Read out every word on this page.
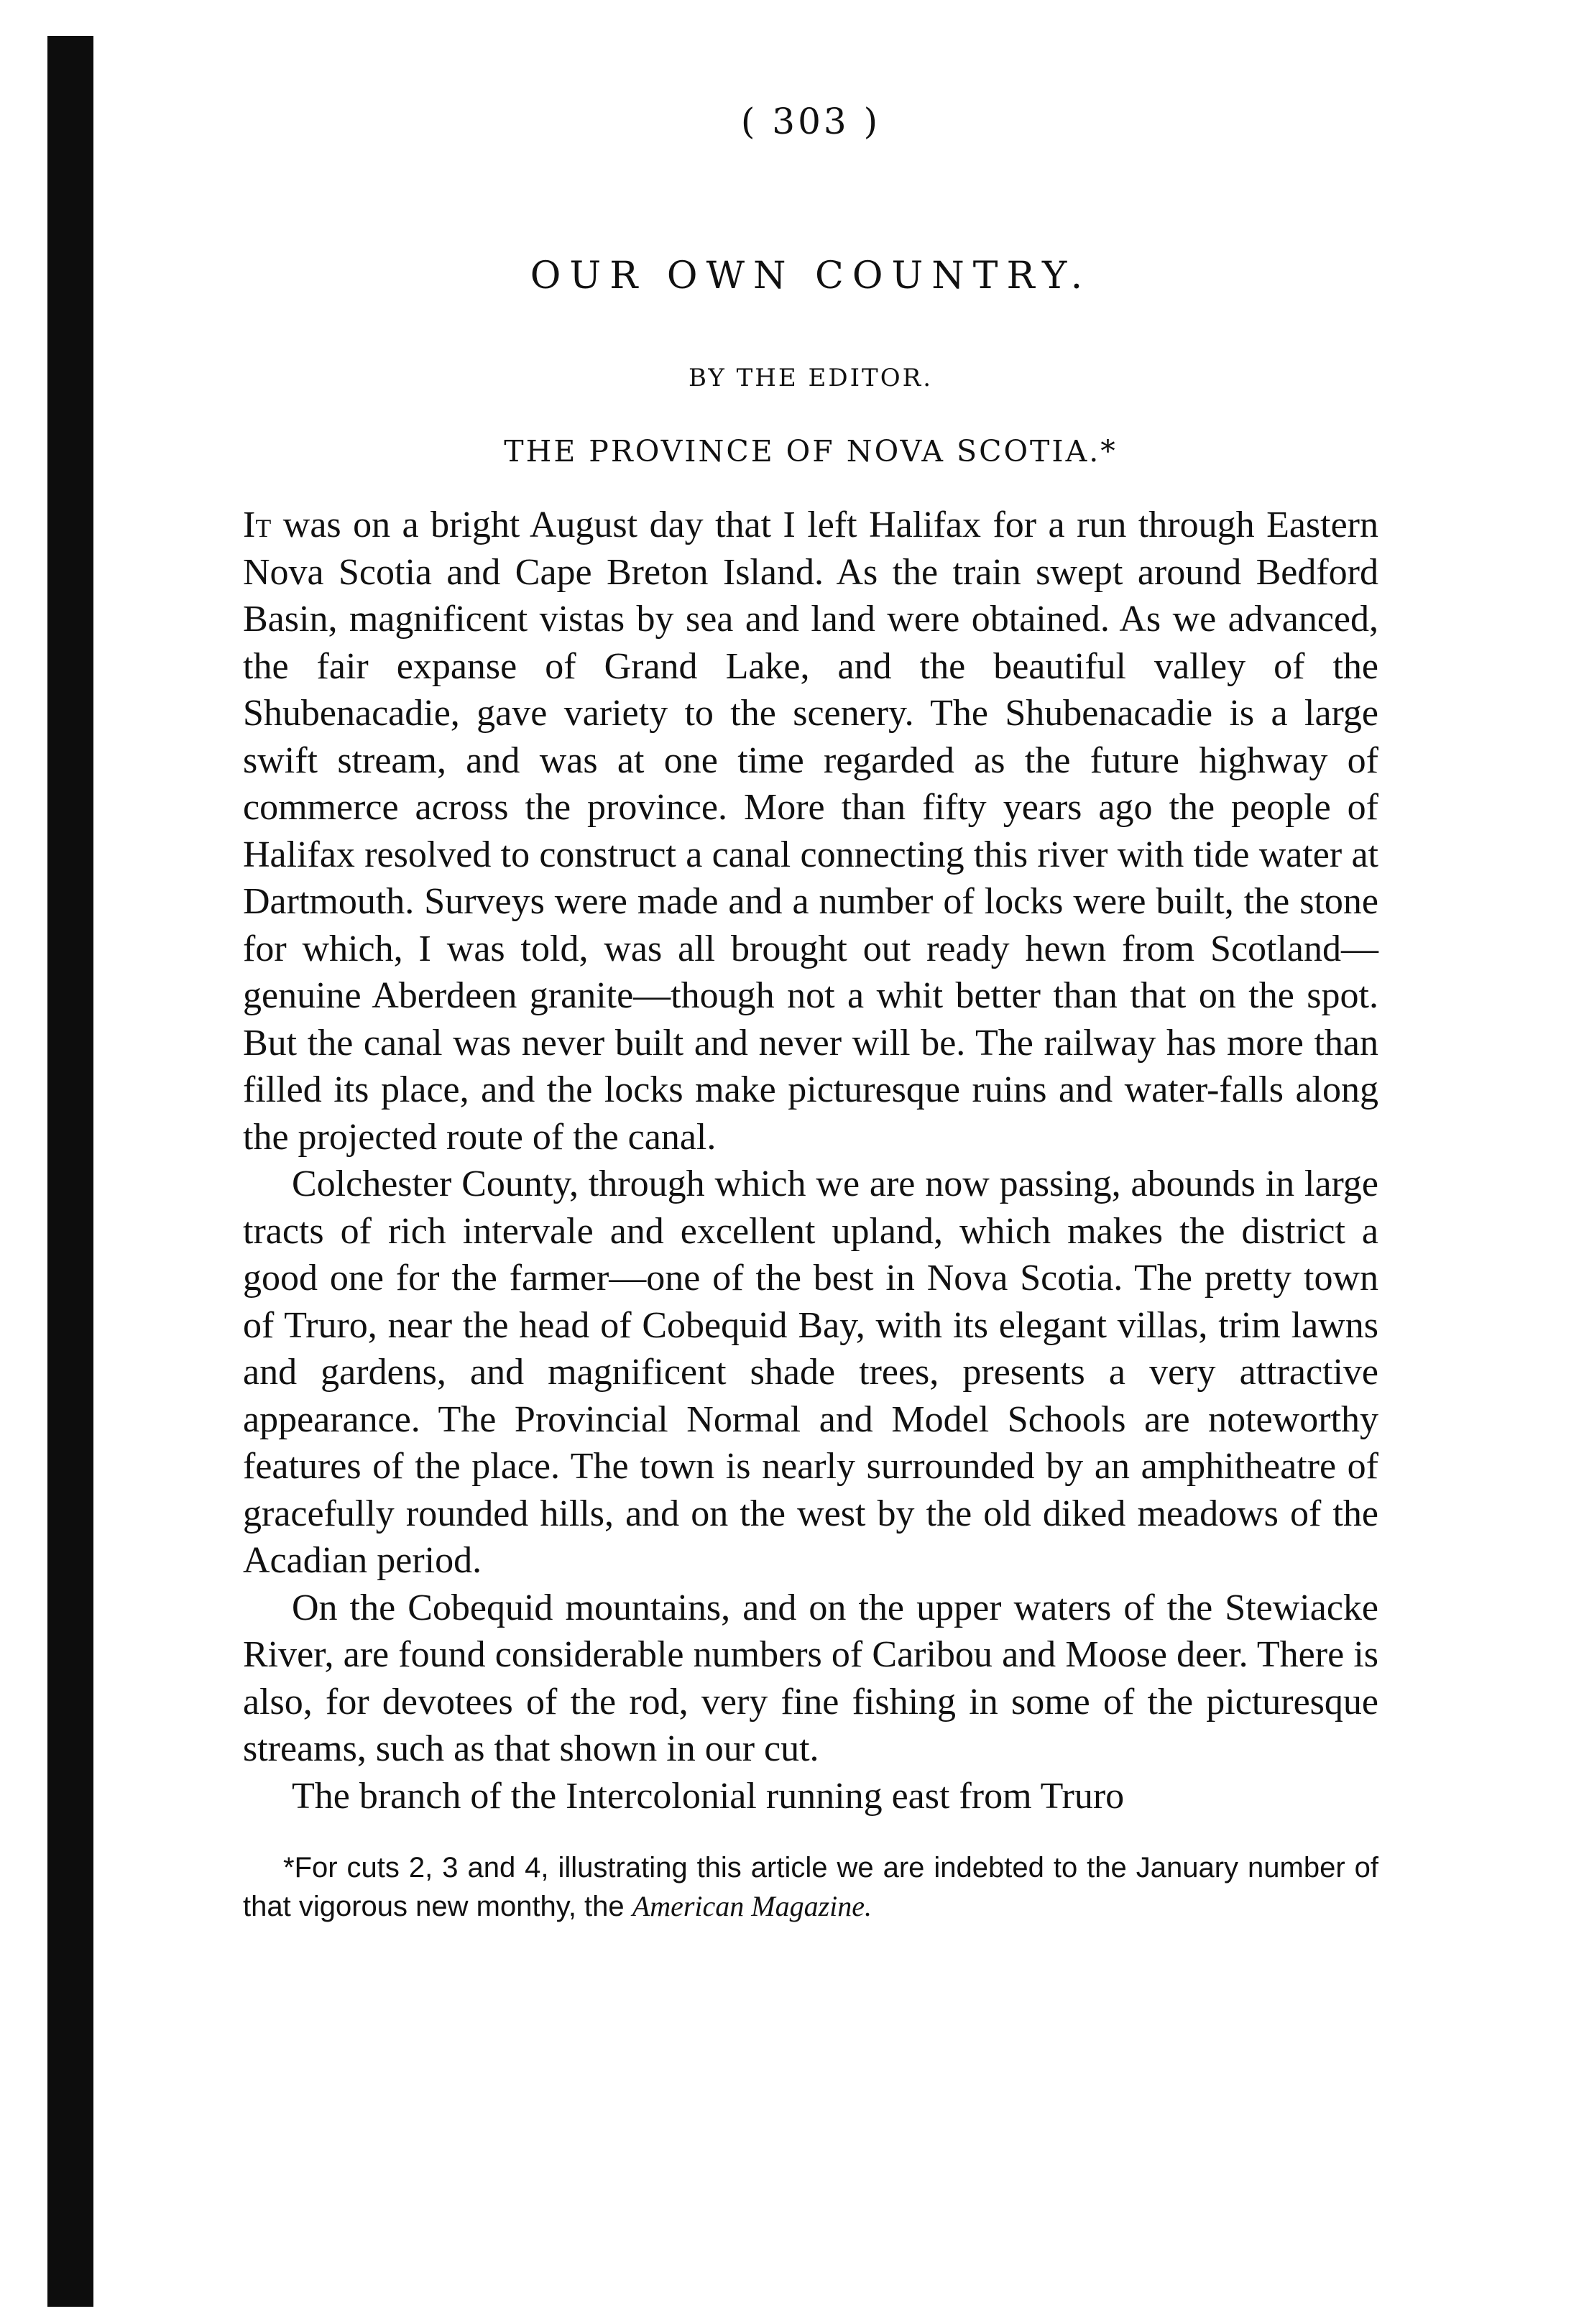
( 303 )
OUR OWN COUNTRY.
BY THE EDITOR.
THE PROVINCE OF NOVA SCOTIA.*

It was on a bright August day that I left Halifax for a run through Eastern Nova Scotia and Cape Breton Island. As the train swept around Bedford Basin, magnificent vistas by sea and land were obtained. As we advanced, the fair expanse of Grand Lake, and the beautiful valley of the Shubenacadie, gave variety to the scenery. The Shubenacadie is a large swift stream, and was at one time regarded as the future highway of commerce across the province. More than fifty years ago the people of Halifax resolved to construct a canal connecting this river with tide water at Dartmouth. Surveys were made and a number of locks were built, the stone for which, I was told, was all brought out ready hewn from Scotland—genuine Aberdeen granite—though not a whit better than that on the spot. But the canal was never built and never will be. The railway has more than filled its place, and the locks make picturesque ruins and water-falls along the projected route of the canal.

Colchester County, through which we are now passing, abounds in large tracts of rich intervale and excellent upland, which makes the district a good one for the farmer—one of the best in Nova Scotia. The pretty town of Truro, near the head of Cobequid Bay, with its elegant villas, trim lawns and gardens, and magnificent shade trees, presents a very attractive appearance. The Provincial Normal and Model Schools are noteworthy features of the place. The town is nearly surrounded by an amphitheatre of gracefully rounded hills, and on the west by the old diked meadows of the Acadian period.

On the Cobequid mountains, and on the upper waters of the Stewiacke River, are found considerable numbers of Caribou and Moose deer. There is also, for devotees of the rod, very fine fishing in some of the picturesque streams, such as that shown in our cut.

The branch of the Intercolonial running east from Truro

*For cuts 2, 3 and 4, illustrating this article we are indebted to the January number of that vigorous new monthy, the American Magazine.
